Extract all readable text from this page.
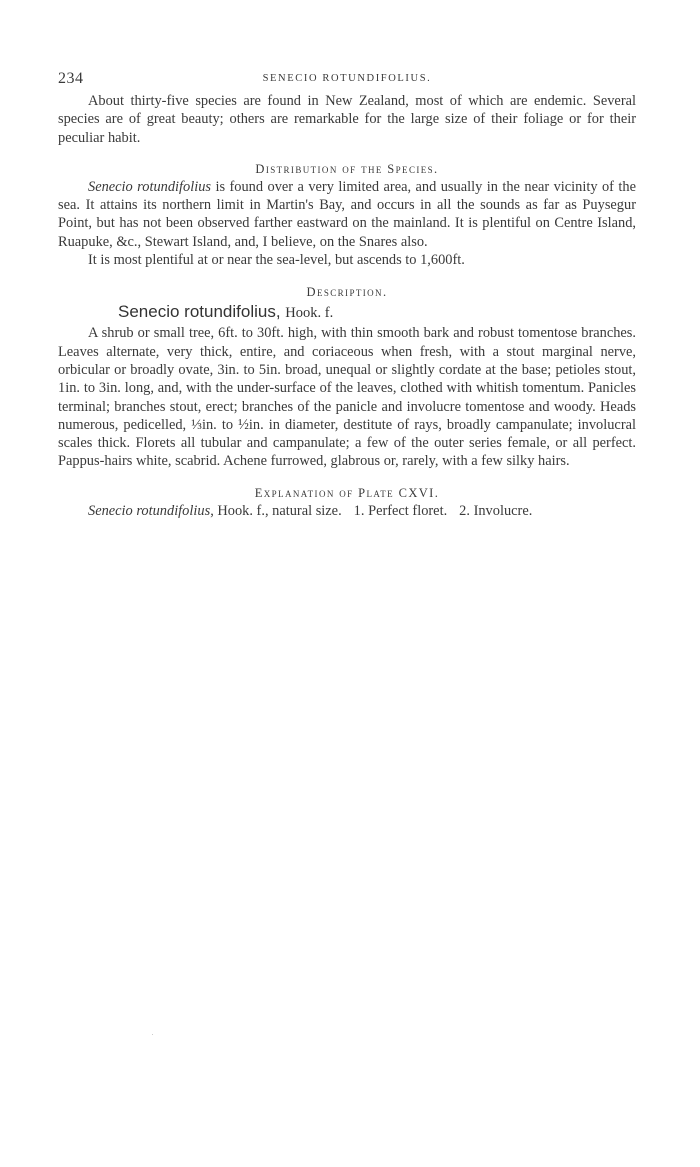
234	SENECIO ROTUNDIFOLIUS.

About thirty-five species are found in New Zealand, most of which are endemic. Several species are of great beauty; others are remarkable for the large size of their foliage or for their peculiar habit.

Distribution of the Species.

Senecio rotundifolius is found over a very limited area, and usually in the near vicinity of the sea. It attains its northern limit in Martin's Bay, and occurs in all the sounds as far as Puysegur Point, but has not been observed farther eastward on the mainland. It is plentiful on Centre Island, Ruapuke, &c., Stewart Island, and, I believe, on the Snares also.

It is most plentiful at or near the sea-level, but ascends to 1,600ft.

Description.
Senecio rotundifolius, Hook. f.

A shrub or small tree, 6ft. to 30ft. high, with thin smooth bark and robust tomentose branches. Leaves alternate, very thick, entire, and coriaceous when fresh, with a stout marginal nerve, orbicular or broadly ovate, 3in. to 5in. broad, unequal or slightly cordate at the base; petioles stout, 1in. to 3in. long, and, with the under-surface of the leaves, clothed with whitish tomentum. Panicles terminal; branches stout, erect; branches of the panicle and involucre tomentose and woody. Heads numerous, pedicelled, ⅓in. to ½in. in diameter, destitute of rays, broadly campanulate; involucral scales thick. Florets all tubular and campanulate; a few of the outer series female, or all perfect. Pappus-hairs white, scabrid. Achene furrowed, glabrous or, rarely, with a few silky hairs.

Explanation of Plate CXVI.

Senecio rotundifolius, Hook. f., natural size. 1. Perfect floret. 2. Involucre.
